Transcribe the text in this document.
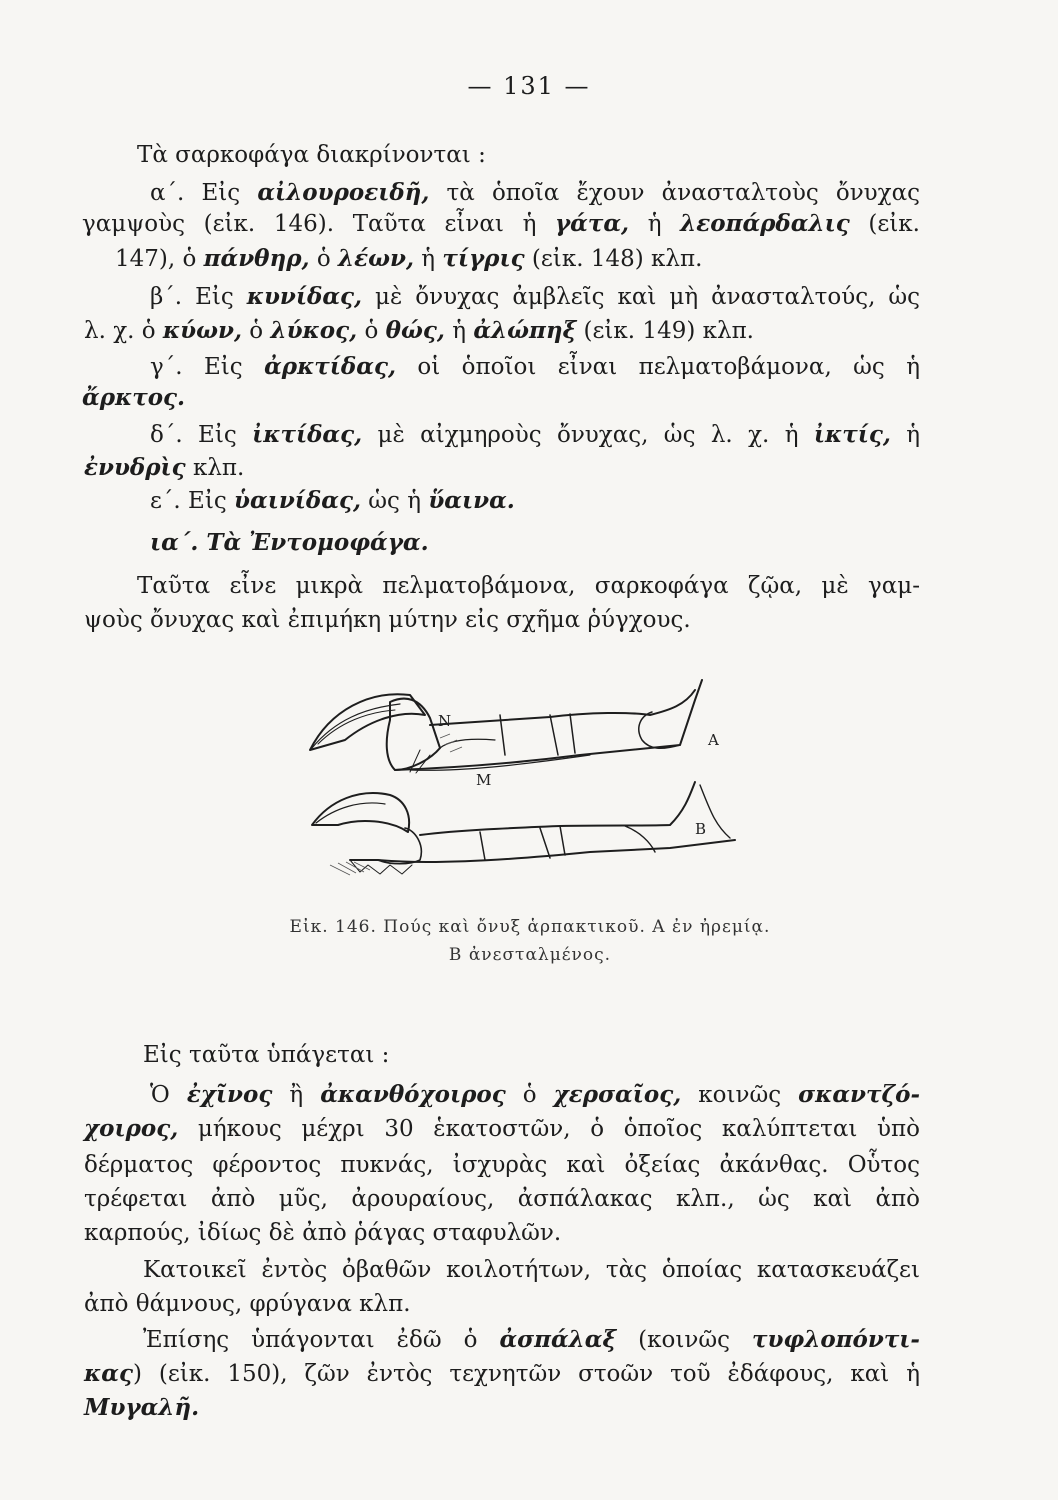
— 131 —
Τὰ σαρκοφάγα διακρίνονται :
α΄. Εἰς αἰλουροειδῆ, τὰ ὁποῖα ἔχουν ἀνασταλτοὺς ὄνυχας
γαμψοὺς (εἰκ. 146). Ταῦτα εἶναι ἡ γάτα, ἡ λεοπάρδαλις (εἰκ.
147), ὁ πάνθηρ, ὁ λέων, ἡ τίγρις (εἰκ. 148) κλπ.
β΄. Εἰς κυνίδας, μὲ ὄνυχας ἀμβλεῖς καὶ μὴ ἀνασταλτούς, ὡς
λ. χ. ὁ κύων, ὁ λύκος, ὁ θώς, ἡ ἀλώπηξ (εἰκ. 149) κλπ.
γ΄. Εἰς ἀρκτίδας, οἱ ὁποῖοι εἶναι πελματοβάμονα, ὡς ἡ
ἄρκτος.
δ΄. Εἰς ἰκτίδας, μὲ αἰχμηροὺς ὄνυχας, ὡς λ. χ. ἡ ἰκτίς, ἡ
ἐνυδρὶς κλπ.
ε΄. Εἰς ὑαινίδας, ὡς ἡ ὕαινα.
ια΄. Τὰ Ἐντομοφάγα.
Ταῦτα εἶνε μικρὰ πελματοβάμονα, σαρκοφάγα ζῷα, μὲ γαμ-
ψοὺς ὄνυχας καὶ ἐπιμήκη μύτην εἰς σχῆμα ῥύγχους.
N
M
A
B
Εἰκ. 146. Πούς καὶ ὄνυξ ἁρπακτικοῦ. Α ἐν ἠρεμίᾳ.
Β ἀνεσταλμένος.
Εἰς ταῦτα ὑπάγεται :
Ὁ ἐχῖνος ἢ ἀκανθόχοιρος ὁ χερσαῖος, κοινῶς σκαντζό-
χοιρος, μήκους μέχρι 30 ἑκατοστῶν, ὁ ὁποῖος καλύπτεται ὑπὸ
δέρματος φέροντος πυκνάς, ἰσχυρὰς καὶ ὀξείας ἀκάνθας. Οὗτος
τρέφεται ἀπὸ μῦς, ἀρουραίους, ἀσπάλακας κλπ., ὡς καὶ ἀπὸ
καρπούς, ἰδίως δὲ ἀπὸ ῥάγας σταφυλῶν.
Κατοικεῖ ἐντὸς ὀβαθῶν κοιλοτήτων, τὰς ὁποίας κατασκευάζει
ἀπὸ θάμνους, φρύγανα κλπ.
Ἐπίσης ὑπάγονται ἐδῶ ὁ ἀσπάλαξ (κοινῶς τυφλοπόντι-
κας) (εἰκ. 150), ζῶν ἐντὸς τεχνητῶν στοῶν τοῦ ἐδάφους, καὶ ἡ
Μυγαλῆ.
